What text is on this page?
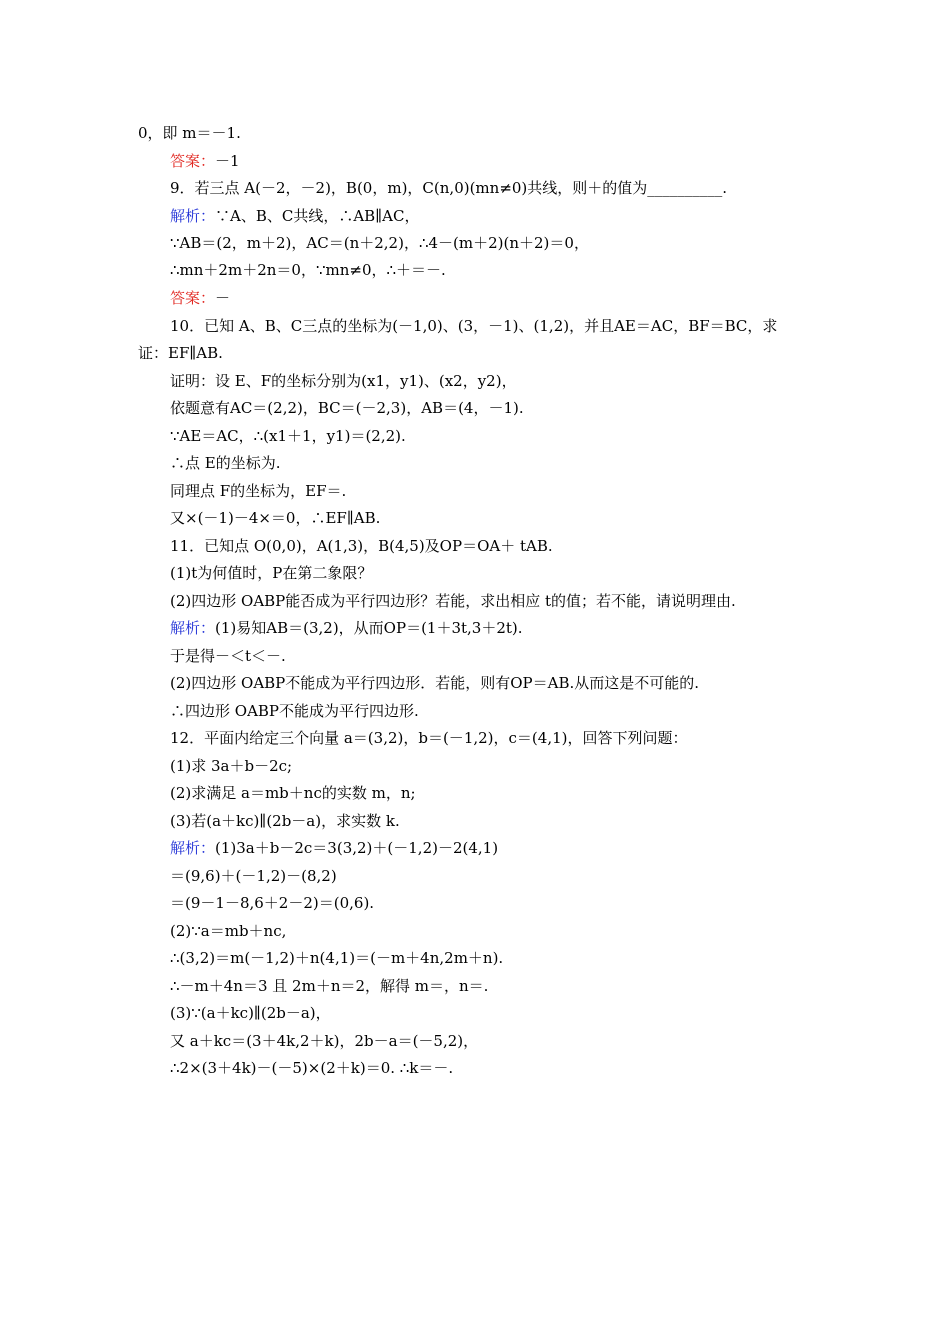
0，即 m＝－1.
答案：－1
9．若三点 A(－2，－2)，B(0，m)，C(n,0)(mn≠0)共线，则＋的值为__________.
解析：∵A、B、C共线，∴AB∥AC，
∵AB＝(2，m＋2)，AC＝(n＋2,2)，∴4－(m＋2)(n＋2)＝0，
∴mn＋2m＋2n＝0，∵mn≠0，∴＋＝－.
答案：－
10．已知 A、B、C三点的坐标为(－1,0)、(3，－1)、(1,2)，并且AE＝AC，BF＝BC，求
证：EF∥AB.
证明：设 E、F的坐标分别为(x1，y1)、(x2，y2)，
依题意有AC＝(2,2)，BC＝(－2,3)，AB＝(4，－1).
∵AE＝AC，∴(x1＋1，y1)＝(2,2).
∴点 E的坐标为.
同理点 F的坐标为，EF＝.
又×(－1)－4×＝0，∴EF∥AB.
11．已知点 O(0,0)，A(1,3)，B(4,5)及OP＝OA＋ tAB.
(1)t为何值时，P在第二象限？
(2)四边形 OABP能否成为平行四边形？若能，求出相应 t的值；若不能，请说明理由.
解析：(1)易知AB＝(3,2)，从而OP＝(1＋3t,3＋2t).
于是得－＜t＜－.
(2)四边形 OABP不能成为平行四边形．若能，则有OP＝AB.从而这是不可能的.
∴四边形 OABP不能成为平行四边形.
12．平面内给定三个向量 a＝(3,2)，b＝(－1,2)，c＝(4,1)，回答下列问题：
(1)求 3a＋b－2c;
(2)求满足 a＝mb＋nc的实数 m，n;
(3)若(a＋kc)∥(2b－a)，求实数 k.
解析：(1)3a＋b－2c＝3(3,2)＋(－1,2)－2(4,1)
＝(9,6)＋(－1,2)－(8,2)
＝(9－1－8,6＋2－2)＝(0,6).
(2)∵a＝mb＋nc,
∴(3,2)＝m(－1,2)＋n(4,1)＝(－m＋4n,2m＋n).
∴－m＋4n＝3 且 2m＋n＝2，解得 m＝，n＝.
(3)∵(a＋kc)∥(2b－a)，
又 a＋kc＝(3＋4k,2＋k)，2b－a＝(－5,2)，
∴2×(3＋4k)－(－5)×(2＋k)＝0. ∴k＝－.
